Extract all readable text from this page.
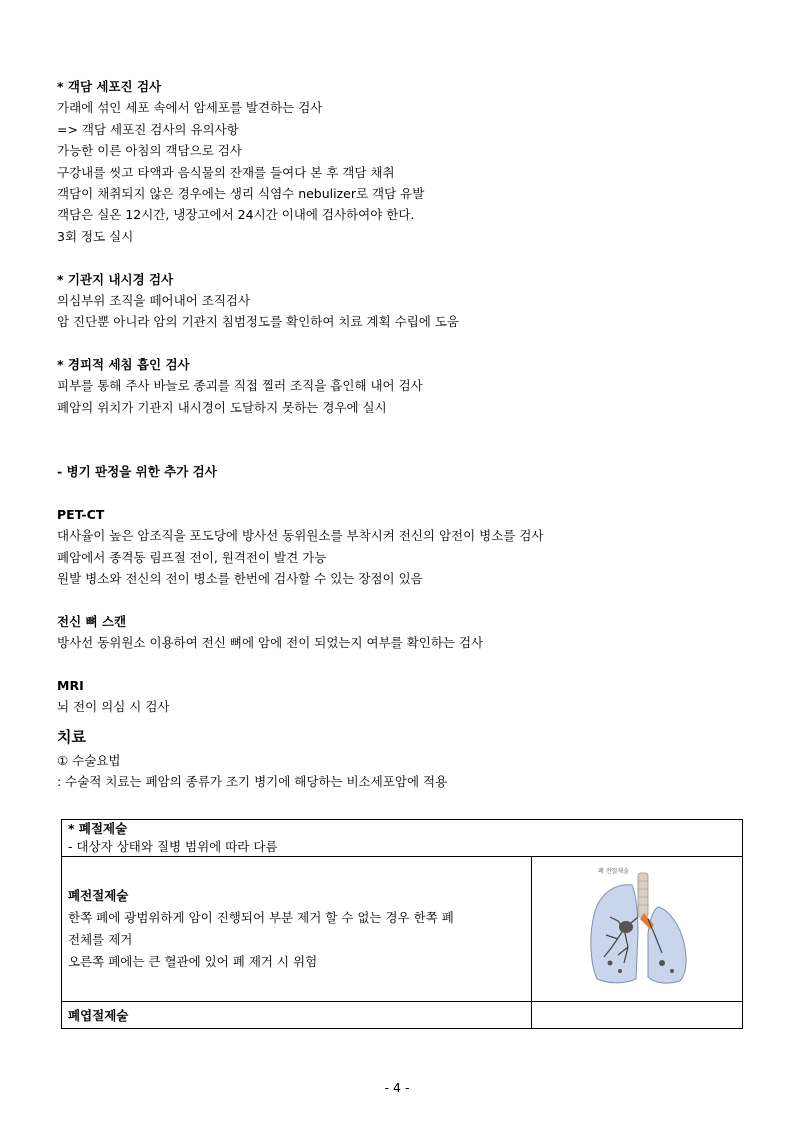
* 객담 세포진 검사
가래에 섞인 세포 속에서 암세포를 발견하는 검사
=> 객담 세포진 검사의 유의사항
가능한 이른 아침의 객담으로 검사
구강내를 씻고 타액과 음식물의 잔재를 들여다 본 후 객담 채취
객담이 채취되지 않은 경우에는 생리 식염수 nebulizer로 객담 유발
객담은 실온 12시간, 냉장고에서 24시간 이내에 검사하여야 한다.
3회 정도 실시
* 기관지 내시경 검사
의심부위 조직을 떼어내어 조직검사
암 진단뿐 아니라 암의 기관지 침범정도를 확인하여 치료 계획 수립에 도움
* 경피적 세침 흡인 검사
피부를 통해 주사 바늘로 종괴를 직접 찔러 조직을 흡인해 내어 검사
폐암의 위치가 기관지 내시경이 도달하지 못하는 경우에 실시
- 병기 판정을 위한 추가 검사
PET-CT
대사율이 높은 암조직을 포도당에 방사선 동위원소를 부착시켜 전신의 암전이 병소를 검사
폐암에서 종격동 림프절 전이, 원격전이 발견 가능
원발 병소와 전신의 전이 병소를 한번에 검사할 수 있는 장점이 있음
전신 뼈 스캔
방사선 동위원소 이용하여 전신 뼈에 암에 전이 되었는지 여부를 확인하는 검사
MRI
뇌 전이 의심 시 검사
치료
① 수술요법
: 수술적 치료는 폐암의 종류가 조기 병기에 해당하는 비소세포암에 적용
* 폐절제술
- 대상자 상태와 질병 범위에 따라 다름	

폐전절제술
한쪽 폐에 광범위하게 암이 진행되어 부분 제거 할 수 없는 경우 한쪽 폐
전체를 제거
오른쪽 폐에는 큰 혈관에 있어 폐 제거 시 위험	폐 전절제술

폐엽절제술	
- 4 -
